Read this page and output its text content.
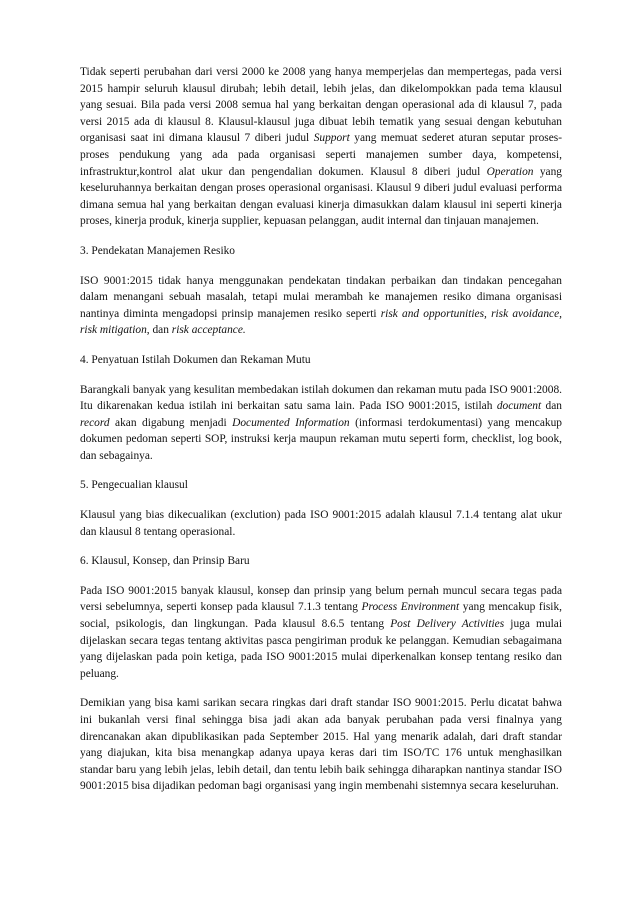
Tidak seperti perubahan dari versi 2000 ke 2008 yang hanya memperjelas dan mempertegas, pada versi 2015 hampir seluruh klausul dirubah; lebih detail, lebih jelas, dan dikelompokkan pada tema klausul yang sesuai. Bila pada versi 2008 semua hal yang berkaitan dengan operasional ada di klausul 7, pada versi 2015 ada di klausul 8. Klausul-klausul juga dibuat lebih tematik yang sesuai dengan kebutuhan organisasi saat ini dimana klausul 7 diberi judul Support yang memuat sederet aturan seputar proses-proses pendukung yang ada pada organisasi seperti manajemen sumber daya, kompetensi, infrastruktur,kontrol alat ukur dan pengendalian dokumen. Klausul 8 diberi judul Operation yang keseluruhannya berkaitan dengan proses operasional organisasi. Klausul 9 diberi judul evaluasi performa dimana semua hal yang berkaitan dengan evaluasi kinerja dimasukkan dalam klausul ini seperti kinerja proses, kinerja produk, kinerja supplier, kepuasan pelanggan, audit internal dan tinjauan manajemen.

3. Pendekatan Manajemen Resiko

ISO 9001:2015 tidak hanya menggunakan pendekatan tindakan perbaikan dan tindakan pencegahan dalam menangani sebuah masalah, tetapi mulai merambah ke manajemen resiko dimana organisasi nantinya diminta mengadopsi prinsip manajemen resiko seperti risk and opportunities, risk avoidance, risk mitigation, dan risk acceptance.

4. Penyatuan Istilah Dokumen dan Rekaman Mutu

Barangkali banyak yang kesulitan membedakan istilah dokumen dan rekaman mutu pada ISO 9001:2008. Itu dikarenakan kedua istilah ini berkaitan satu sama lain. Pada ISO 9001:2015, istilah document dan record akan digabung menjadi Documented Information (informasi terdokumentasi) yang mencakup dokumen pedoman seperti SOP, instruksi kerja maupun rekaman mutu seperti form, checklist, log book, dan sebagainya.

5. Pengecualian klausul

Klausul yang bias dikecualikan (exclution) pada ISO 9001:2015 adalah klausul 7.1.4 tentang alat ukur dan klausul 8 tentang operasional.

6. Klausul, Konsep, dan Prinsip Baru

Pada ISO 9001:2015 banyak klausul, konsep dan prinsip yang belum pernah muncul secara tegas pada versi sebelumnya, seperti konsep pada klausul 7.1.3 tentang Process Environment yang mencakup fisik, social, psikologis, dan lingkungan. Pada klausul 8.6.5 tentang Post Delivery Activities juga mulai dijelaskan secara tegas tentang aktivitas pasca pengiriman produk ke pelanggan. Kemudian sebagaimana yang dijelaskan pada poin ketiga, pada ISO 9001:2015 mulai diperkenalkan konsep tentang resiko dan peluang.

Demikian yang bisa kami sarikan secara ringkas dari draft standar ISO 9001:2015. Perlu dicatat bahwa ini bukanlah versi final sehingga bisa jadi akan ada banyak perubahan pada versi finalnya yang direncanakan akan dipublikasikan pada September 2015. Hal yang menarik adalah, dari draft standar yang diajukan, kita bisa menangkap adanya upaya keras dari tim ISO/TC 176 untuk menghasilkan standar baru yang lebih jelas, lebih detail, dan tentu lebih baik sehingga diharapkan nantinya standar ISO 9001:2015 bisa dijadikan pedoman bagi organisasi yang ingin membenahi sistemnya secara keseluruhan.
